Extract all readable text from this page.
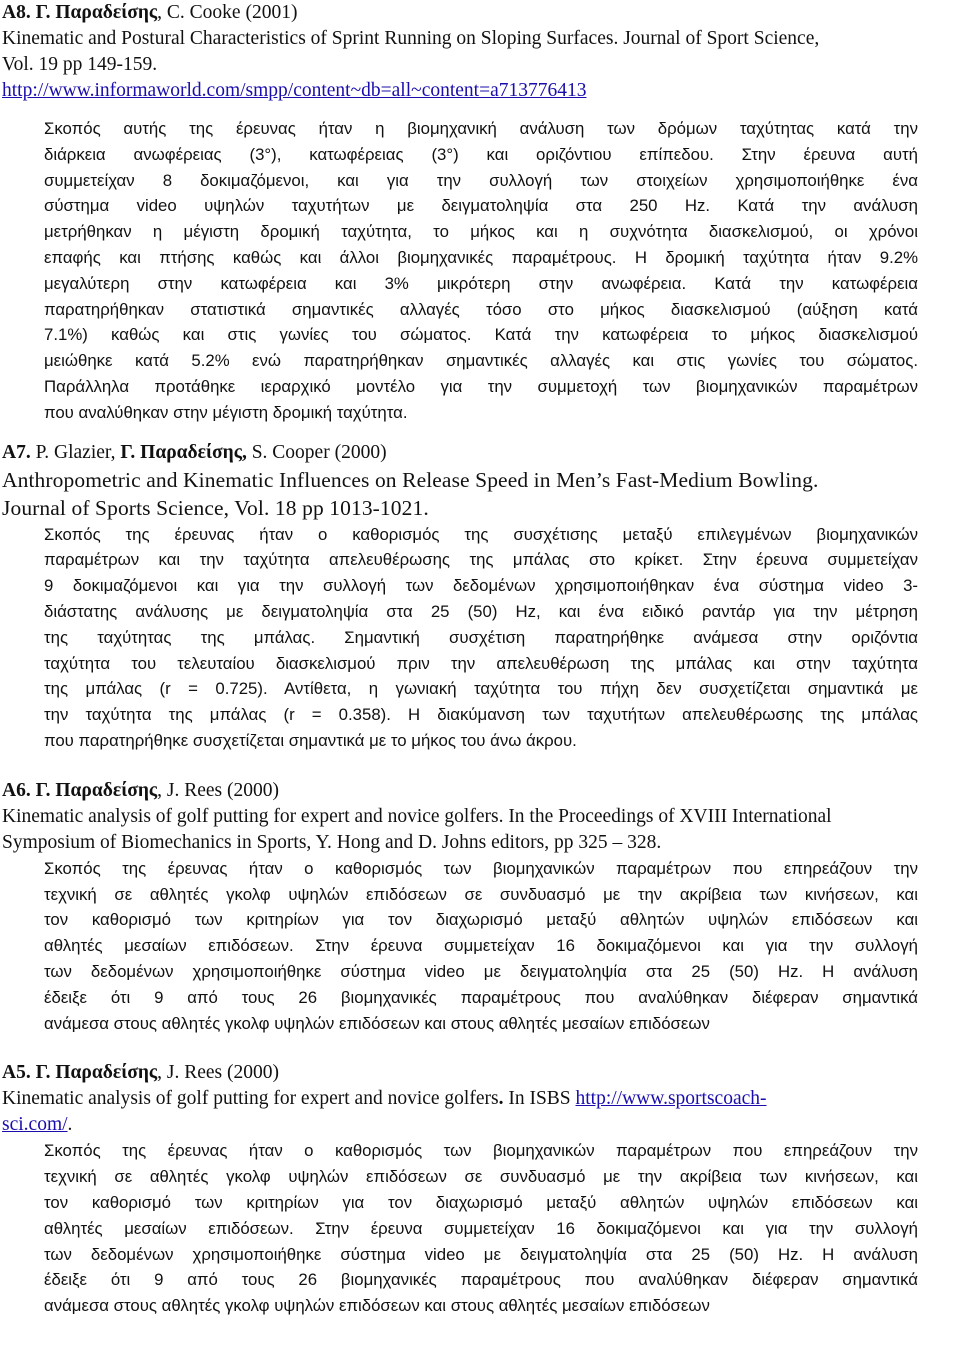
A8. Γ. Παραδείσης, C. Cooke (2001)

Kinematic and Postural Characteristics of Sprint Running on Sloping Surfaces. Journal of Sport Science,

Vol. 19 pp 149-159.

http://www.informaworld.com/smpp/content~db=all~content=a713776413

Σκοπός αυτής της έρευνας ήταν η βιομηχανική ανάλυση των δρόμων ταχύτητας κατά την
διάρκεια ανωφέρειας (3°), κατωφέρειας (3°) και οριζόντιου επίπεδου. Στην έρευνα αυτή
συμμετείχαν 8 δοκιμαζόμενοι, και για την συλλογή των στοιχείων χρησιμοποιήθηκε ένα
σύστημα video υψηλών ταχυτήτων με δειγματοληψία στα 250 Hz. Κατά την ανάλυση
μετρήθηκαν η μέγιστη δρομική ταχύτητα, το μήκος και η συχνότητα διασκελισμού, οι χρόνοι
επαφής και πτήσης καθώς και άλλοι βιομηχανικές παραμέτρους. Η δρομική ταχύτητα ήταν 9.2%
μεγαλύτερη στην κατωφέρεια και 3% μικρότερη στην ανωφέρεια. Κατά την κατωφέρεια
παρατηρήθηκαν στατιστικά σημαντικές αλλαγές τόσο στο μήκος διασκελισμού (αύξηση κατά
7.1%) καθώς και στις γωνίες του σώματος. Κατά την κατωφέρεια το μήκος διασκελισμού
μειώθηκε κατά 5.2% ενώ παρατηρήθηκαν σημαντικές αλλαγές και στις γωνίες του σώματος.
Παράλληλα προτάθηκε ιεραρχικό μοντέλο για την συμμετοχή των βιομηχανικών παραμέτρων
που αναλύθηκαν στην μέγιστη δρομική ταχύτητα.

A7. P. Glazier, Γ. Παραδείσης, S. Cooper (2000)

Anthropometric and Kinematic Influences on Release Speed in Men’s Fast-Medium Bowling.

Journal of Sports Science, Vol. 18 pp 1013-1021.

Σκοπός της έρευνας ήταν ο καθορισμός της συσχέτισης μεταξύ επιλεγμένων βιομηχανικών
παραμέτρων και την ταχύτητα απελευθέρωσης της μπάλας στο κρίκετ. Στην έρευνα συμμετείχαν
9 δοκιμαζόμενοι και για την συλλογή των δεδομένων χρησιμοποιήθηκαν ένα σύστημα video 3-
διάστατης ανάλυσης με δειγματοληψία στα 25 (50) Hz, και ένα ειδικό ραντάρ για την μέτρηση
της ταχύτητας της μπάλας. Σημαντική συσχέτιση παρατηρήθηκε ανάμεσα στην οριζόντια
ταχύτητα του τελευταίου διασκελισμού πριν την απελευθέρωση της μπάλας και στην ταχύτητα
της μπάλας (r = 0.725). Αντίθετα, η γωνιακή ταχύτητα του πήχη δεν συσχετίζεται σημαντικά με
την ταχύτητα της μπάλας (r = 0.358). Η διακύμανση των ταχυτήτων απελευθέρωσης της μπάλας
που παρατηρήθηκε συσχετίζεται σημαντικά με το μήκος του άνω άκρου.

A6. Γ. Παραδείσης, J. Rees (2000)

Kinematic analysis of golf putting for expert and novice golfers. In the Proceedings of XVIII International

Symposium of Biomechanics in Sports, Y. Hong and D. Johns editors, pp 325 – 328.

Σκοπός της έρευνας ήταν ο καθορισμός των βιομηχανικών παραμέτρων που επηρεάζουν την
τεχνική σε αθλητές γκολφ υψηλών επιδόσεων σε συνδυασμό με την ακρίβεια των κινήσεων, και
τον καθορισμό των κριτηρίων για τον διαχωρισμό μεταξύ αθλητών υψηλών επιδόσεων και
αθλητές μεσαίων επιδόσεων. Στην έρευνα συμμετείχαν 16 δοκιμαζόμενοι και για την συλλογή
των δεδομένων χρησιμοποιήθηκε σύστημα video με δειγματοληψία στα 25 (50) Hz. Η ανάλυση
έδειξε ότι 9 από τους 26 βιομηχανικές παραμέτρους που αναλύθηκαν διέφεραν σημαντικά
ανάμεσα στους αθλητές γκολφ υψηλών επιδόσεων και στους αθλητές μεσαίων επιδόσεων

A5. Γ. Παραδείσης, J. Rees (2000)

Kinematic analysis of golf putting for expert and novice golfers. In ISBS http://www.sportscoach-

sci.com/.

Σκοπός της έρευνας ήταν ο καθορισμός των βιομηχανικών παραμέτρων που επηρεάζουν την
τεχνική σε αθλητές γκολφ υψηλών επιδόσεων σε συνδυασμό με την ακρίβεια των κινήσεων, και
τον καθορισμό των κριτηρίων για τον διαχωρισμό μεταξύ αθλητών υψηλών επιδόσεων και
αθλητές μεσαίων επιδόσεων. Στην έρευνα συμμετείχαν 16 δοκιμαζόμενοι και για την συλλογή
των δεδομένων χρησιμοποιήθηκε σύστημα video με δειγματοληψία στα 25 (50) Hz. Η ανάλυση
έδειξε ότι 9 από τους 26 βιομηχανικές παραμέτρους που αναλύθηκαν διέφεραν σημαντικά
ανάμεσα στους αθλητές γκολφ υψηλών επιδόσεων και στους αθλητές μεσαίων επιδόσεων
